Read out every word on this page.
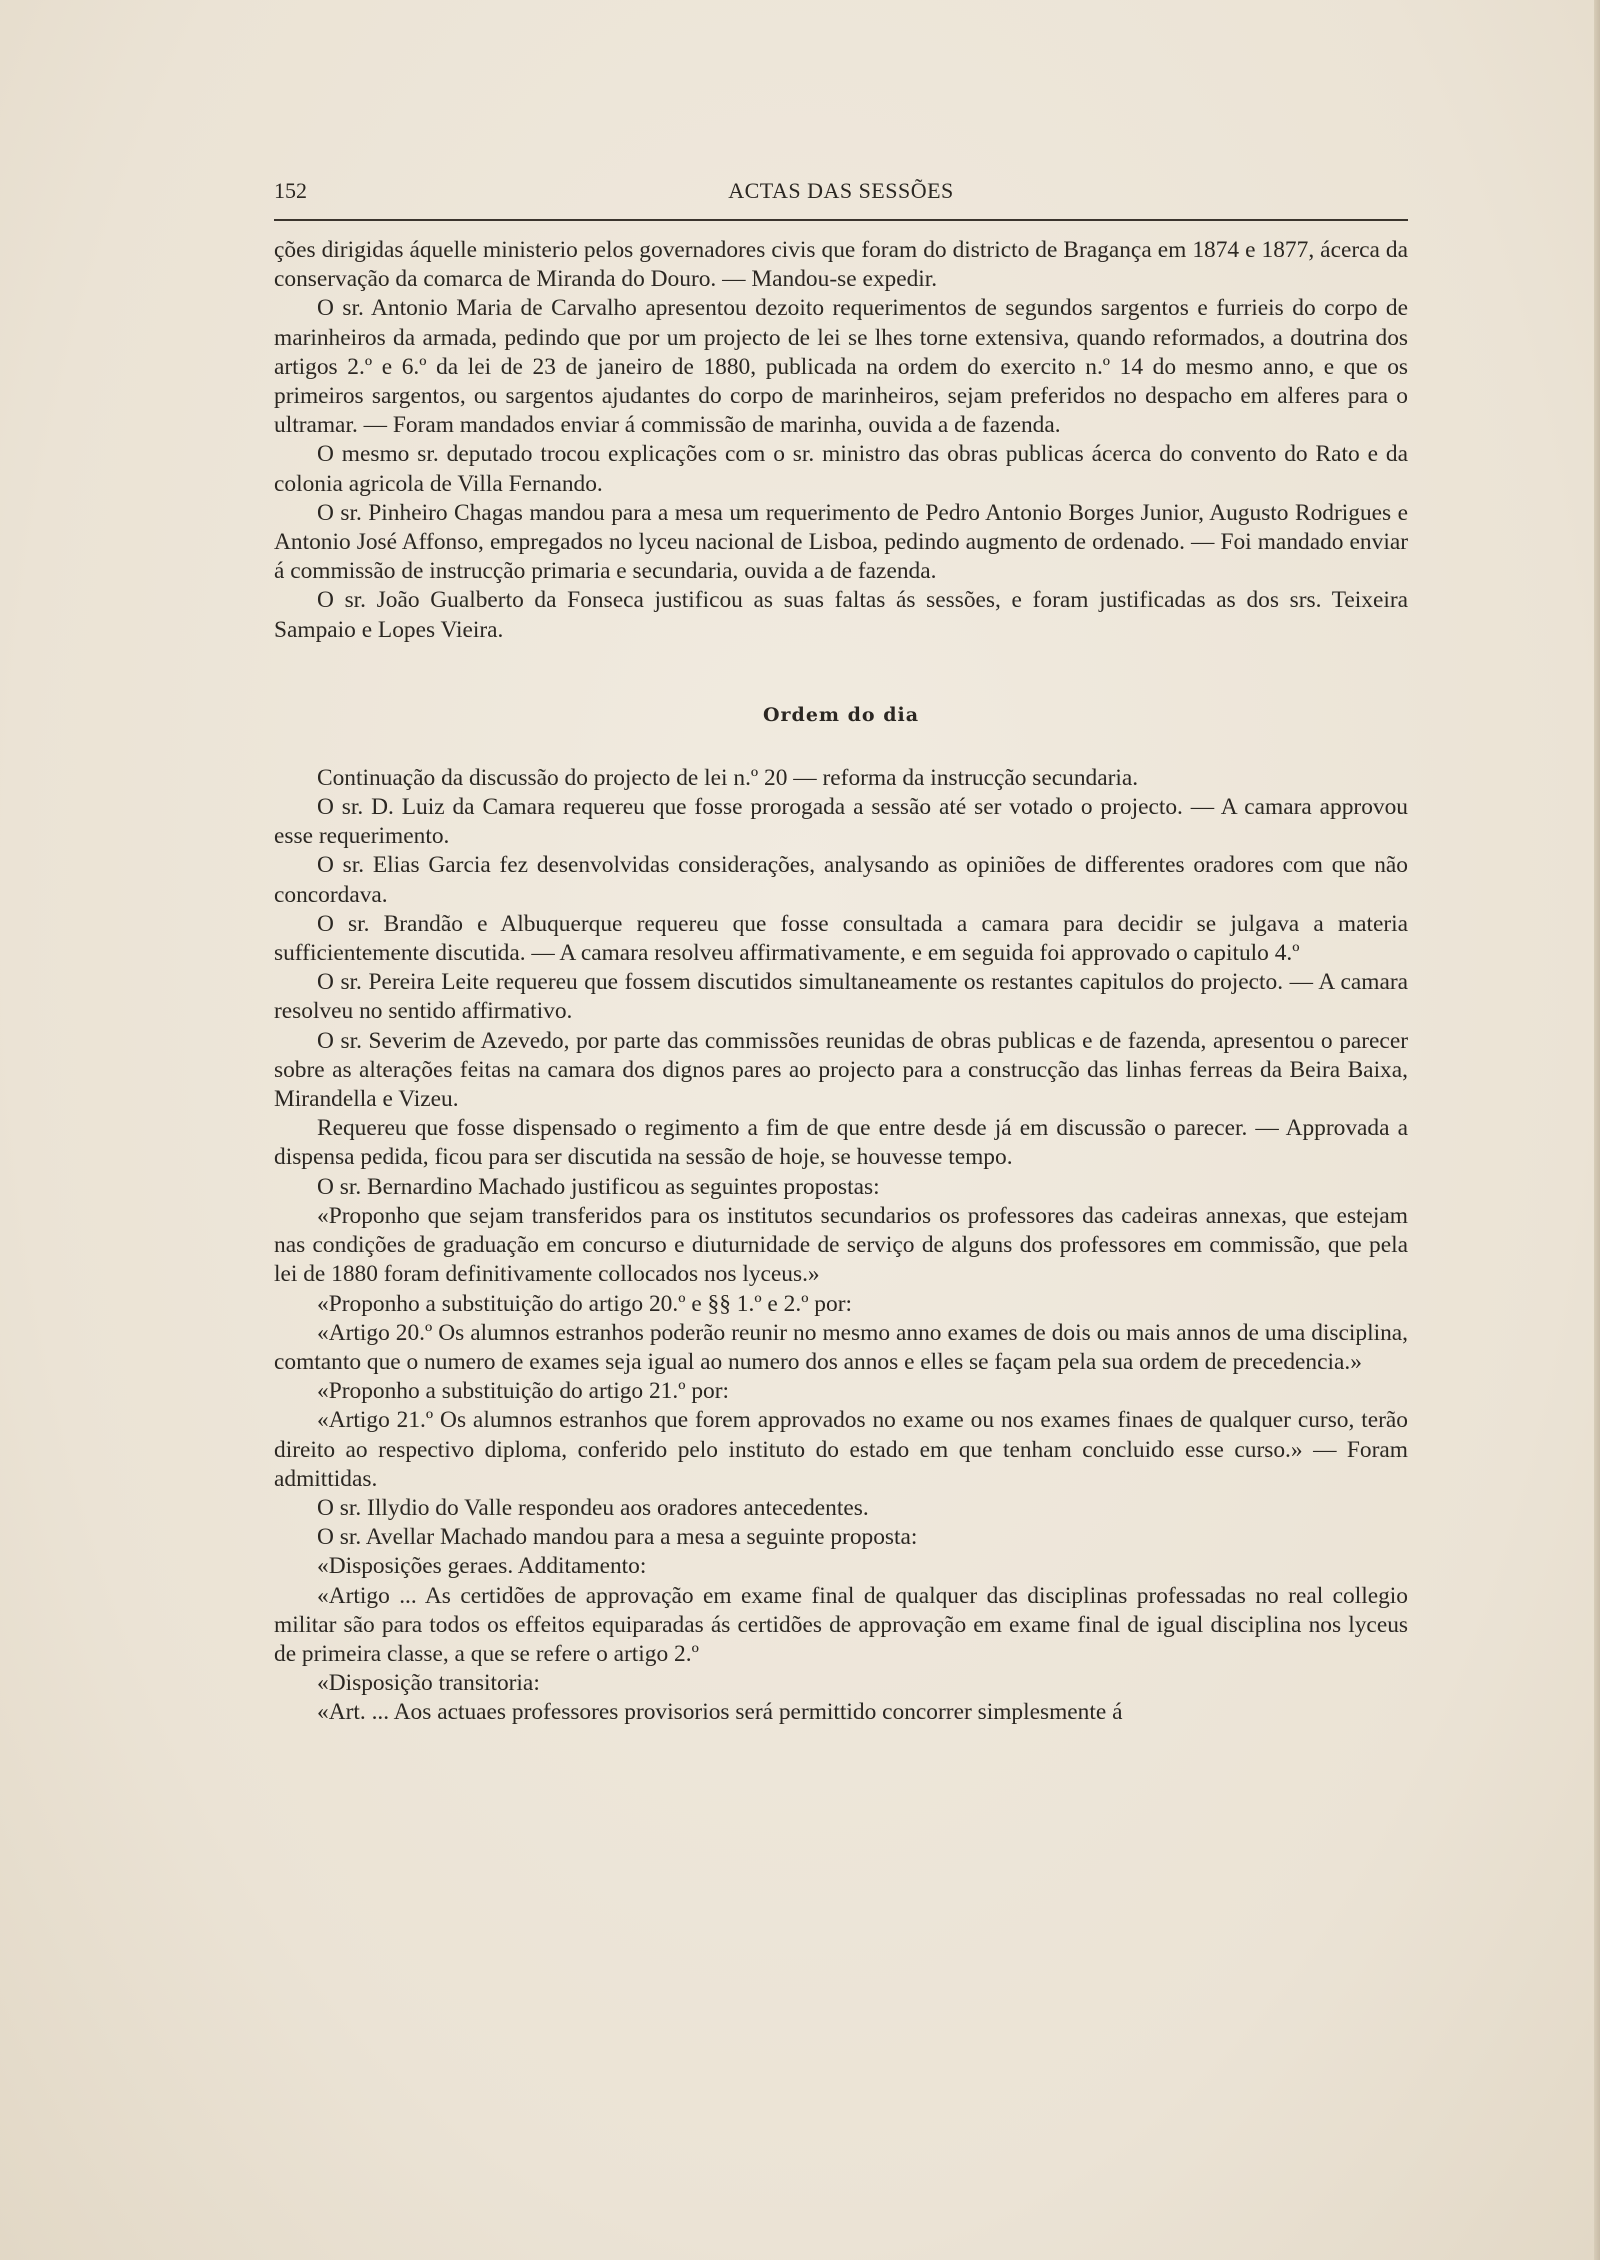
152	ACTAS DAS SESSÕES

ções dirigidas áquelle ministerio pelos governadores civis que foram do districto de Bragança em 1874 e 1877, ácerca da conservação da comarca de Miranda do Douro. — Mandou-se expedir.

O sr. Antonio Maria de Carvalho apresentou dezoito requerimentos de segundos sargentos e furrieis do corpo de marinheiros da armada, pedindo que por um projecto de lei se lhes torne extensiva, quando reformados, a doutrina dos artigos 2.º e 6.º da lei de 23 de janeiro de 1880, publicada na ordem do exercito n.º 14 do mesmo anno, e que os primeiros sargentos, ou sargentos ajudantes do corpo de marinheiros, sejam preferidos no despacho em alferes para o ultramar. — Foram mandados enviar á commissão de marinha, ouvida a de fazenda.

O mesmo sr. deputado trocou explicações com o sr. ministro das obras publicas ácerca do convento do Rato e da colonia agricola de Villa Fernando.

O sr. Pinheiro Chagas mandou para a mesa um requerimento de Pedro Antonio Borges Junior, Augusto Rodrigues e Antonio José Affonso, empregados no lyceu nacional de Lisboa, pedindo augmento de ordenado. — Foi mandado enviar á commissão de instrucção primaria e secundaria, ouvida a de fazenda.

O sr. João Gualberto da Fonseca justificou as suas faltas ás sessões, e foram justificadas as dos srs. Teixeira Sampaio e Lopes Vieira.

Ordem do dia

Continuação da discussão do projecto de lei n.º 20 — reforma da instrucção secundaria.

O sr. D. Luiz da Camara requereu que fosse prorogada a sessão até ser votado o projecto. — A camara approvou esse requerimento.

O sr. Elias Garcia fez desenvolvidas considerações, analysando as opiniões de differentes oradores com que não concordava.

O sr. Brandão e Albuquerque requereu que fosse consultada a camara para decidir se julgava a materia sufficientemente discutida. — A camara resolveu affirmativamente, e em seguida foi approvado o capitulo 4.º

O sr. Pereira Leite requereu que fossem discutidos simultaneamente os restantes capitulos do projecto. — A camara resolveu no sentido affirmativo.

O sr. Severim de Azevedo, por parte das commissões reunidas de obras publicas e de fazenda, apresentou o parecer sobre as alterações feitas na camara dos dignos pares ao projecto para a construcção das linhas ferreas da Beira Baixa, Mirandella e Vizeu.

Requereu que fosse dispensado o regimento a fim de que entre desde já em discussão o parecer. — Approvada a dispensa pedida, ficou para ser discutida na sessão de hoje, se houvesse tempo.

O sr. Bernardino Machado justificou as seguintes propostas:

«Proponho que sejam transferidos para os institutos secundarios os professores das cadeiras annexas, que estejam nas condições de graduação em concurso e diuturnidade de serviço de alguns dos professores em commissão, que pela lei de 1880 foram definitivamente collocados nos lyceus.»

«Proponho a substituição do artigo 20.º e §§ 1.º e 2.º por:

«Artigo 20.º Os alumnos estranhos poderão reunir no mesmo anno exames de dois ou mais annos de uma disciplina, comtanto que o numero de exames seja igual ao numero dos annos e elles se façam pela sua ordem de precedencia.»

«Proponho a substituição do artigo 21.º por:

«Artigo 21.º Os alumnos estranhos que forem approvados no exame ou nos exames finaes de qualquer curso, terão direito ao respectivo diploma, conferido pelo instituto do estado em que tenham concluido esse curso.» — Foram admittidas.

O sr. Illydio do Valle respondeu aos oradores antecedentes.

O sr. Avellar Machado mandou para a mesa a seguinte proposta:

«Disposições geraes. Additamento:

«Artigo ... As certidões de approvação em exame final de qualquer das disciplinas professadas no real collegio militar são para todos os effeitos equiparadas ás certidões de approvação em exame final de igual disciplina nos lyceus de primeira classe, a que se refere o artigo 2.º

«Disposição transitoria:

«Art. ... Aos actuaes professores provisorios será permittido concorrer simplesmente á
